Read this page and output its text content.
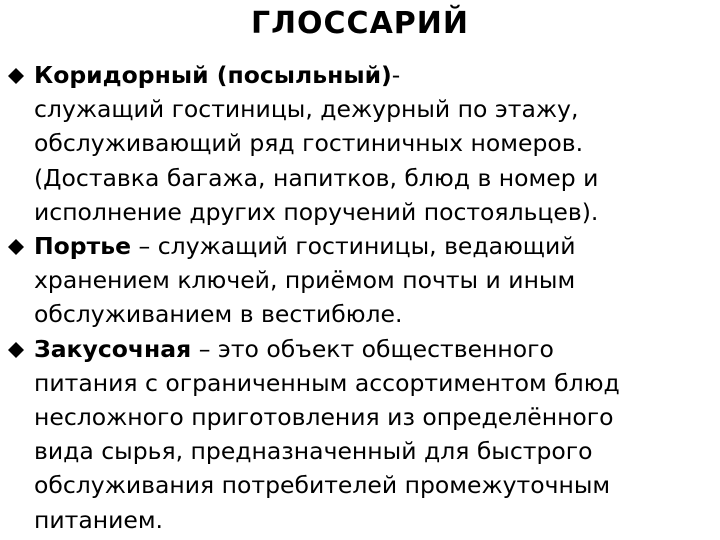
ГЛОССАРИЙ
Коридорный (посыльный)-
служащий гостиницы, дежурный по этажу,
обслуживающий ряд гостиничных номеров.
(Доставка багажа, напитков, блюд в номер и
исполнение других поручений постояльцев).
Портье – служащий гостиницы, ведающий
хранением ключей, приёмом почты и иным
обслуживанием в вестибюле.
Закусочная – это объект общественного
питания с ограниченным ассортиментом блюд
несложного приготовления из определённого
вида сырья, предназначенный для быстрого
обслуживания потребителей промежуточным
питанием.
